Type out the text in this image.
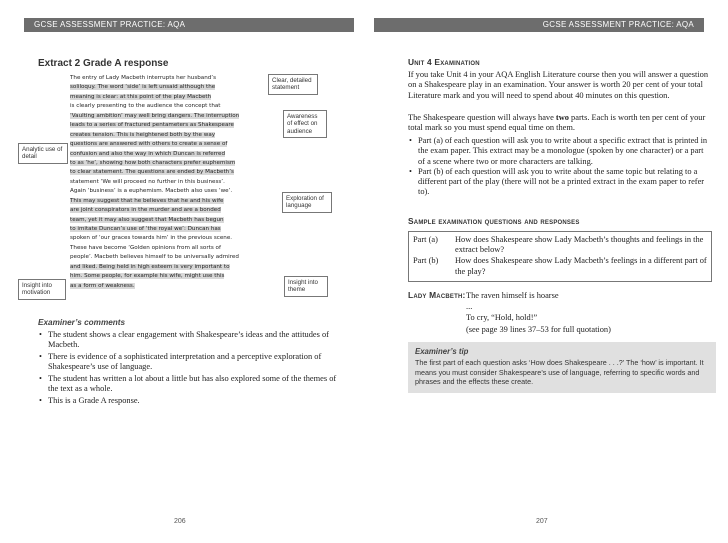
GCSE ASSESSMENT PRACTICE: AQA
Extract 2 Grade A response
The entry of Lady Macbeth interrupts her husband’s
soliloquy. The word ‘side’ is left unsaid although the
meaning is clear: at this point of the play Macbeth
is clearly presenting to the audience the concept that
‘Vaulting ambition’ may well bring dangers. The interruption
leads to a series of fractured pentameters as Shakespeare
creates tension. This is heightened both by the way
questions are answered with others to create a sense of
confusion and also the way in which Duncan is referred
to as ‘he’, showing how both characters prefer euphemism
to clear statement. The questions are ended by Macbeth’s
statement ‘We will proceed no further in this business’.
Again ‘business’ is a euphemism. Macbeth also uses ‘we’.
This may suggest that he believes that he and his wife
are joint conspirators in the murder and are a bonded
team, yet it may also suggest that Macbeth has begun
to imitate Duncan’s use of ‘the royal we’: Duncan has
spoken of ‘our graces towards him’ in the previous scene.
These have become ‘Golden opinions from all sorts of
people’. Macbeth believes himself to be universally admired
and liked. Being held in high esteem is very important to
him. Some people, for example his wife, might use this
as a form of weakness.
Clear, detailed statement
Awareness of effect on audience
Exploration of language
Insight into theme
Analytic use of detail
Insight into motivation
Examiner’s comments
• The student shows a clear engagement with Shakespeare’s ideas and the attitudes of Macbeth.
• There is evidence of a sophisticated interpretation and a perceptive exploration of Shakespeare’s use of language.
• The student has written a lot about a little but has also explored some of the themes of the text as a whole.
• This is a Grade A response.
206
GCSE ASSESSMENT PRACTICE: AQA
Unit 4 Examination
If you take Unit 4 in your AQA English Literature course then you will answer a question on a Shakespeare play in an examination. Your answer is worth 20 per cent of your total Literature mark and you will need to spend about 40 minutes on this question.
The Shakespeare question will always have two parts. Each is worth ten per cent of your total mark so you must spend equal time on them.
• Part (a) of each question will ask you to write about a specific extract that is printed in the exam paper. This extract may be a monologue (spoken by one character) or a part of a scene where two or more characters are talking.
• Part (b) of each question will ask you to write about the same topic but relating to a different part of the play (there will not be a printed extract in the exam paper to refer to).
Sample examination questions and responses
Part (a)	How does Shakespeare show Lady Macbeth’s thoughts and feelings in the extract below?
Part (b)	How does Shakespeare show Lady Macbeth’s feelings in a different part of the play?
Lady Macbeth: The raven himself is hoarse
...
To cry, “Hold, hold!”
(see page 39 lines 37–53 for full quotation)
Examiner’s tip

The first part of each question asks ‘How does Shakespeare . . .?’ The ‘how’ is important. It means you must consider Shakespeare’s use of language, referring to specific words and phrases and the effects these create.

207
